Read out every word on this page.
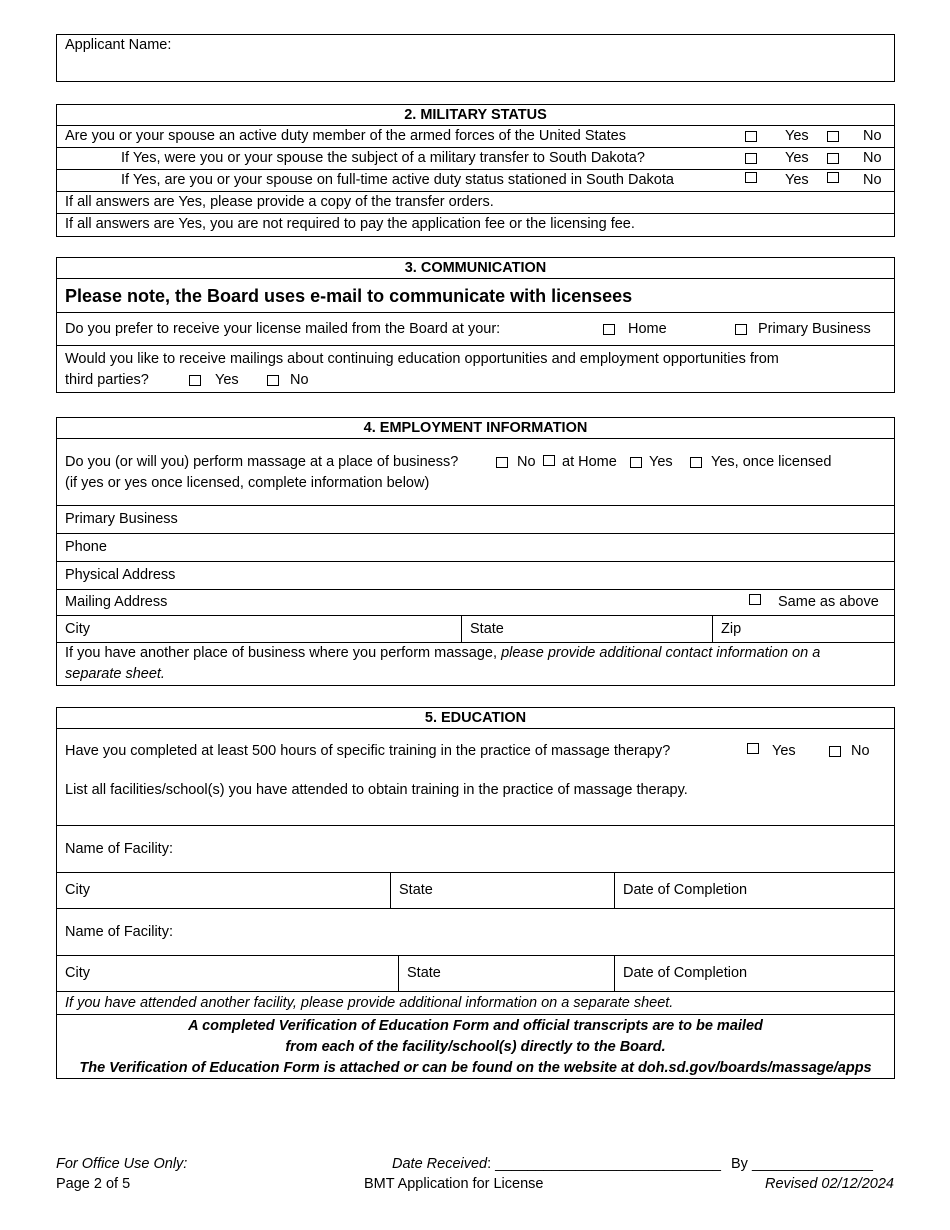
Applicant Name:
2. MILITARY STATUS
Are you or your spouse an active duty member of the armed forces of the United States	Yes	No
If Yes, were you or your spouse the subject of a military transfer to South Dakota?	Yes	No
If Yes, are you or your spouse on full-time active duty status stationed in South Dakota	Yes	No
If all answers are Yes, please provide a copy of the transfer orders.
If all answers are Yes, you are not required to pay the application fee or the licensing fee.
3. COMMUNICATION
Please note, the Board uses e-mail to communicate with licensees
Do you prefer to receive your license mailed from the Board at your:	Home	Primary Business
Would you like to receive mailings about continuing education opportunities and employment opportunities from
third parties?	Yes	No
4. EMPLOYMENT INFORMATION
Do you (or will you) perform massage at a place of business?	No at Home Yes	Yes, once licensed
(if yes or yes once licensed, complete information below)
Primary Business
Phone
Physical Address
Mailing Address	Same as above
City	State	Zip
If you have another place of business where you perform massage, please provide additional contact information on a
separate sheet.
5. EDUCATION
Have you completed at least 500 hours of specific training in the practice of massage therapy?	Yes	No
List all facilities/school(s) you have attended to obtain training in the practice of massage therapy.
Name of Facility:
City	State	Date of Completion
Name of Facility:
City	State	Date of Completion
If you have attended another facility, please provide additional information on a separate sheet.
A completed Verification of Education Form and official transcripts are to be mailed
from each of the facility/school(s) directly to the Board.
The Verification of Education Form is attached or can be found on the website at doh.sd.gov/boards/massage/apps
For Office Use Only:	Date Received: ____________________________ By _______________
Page 2 of 5	BMT Application for License	Revised 02/12/2024
